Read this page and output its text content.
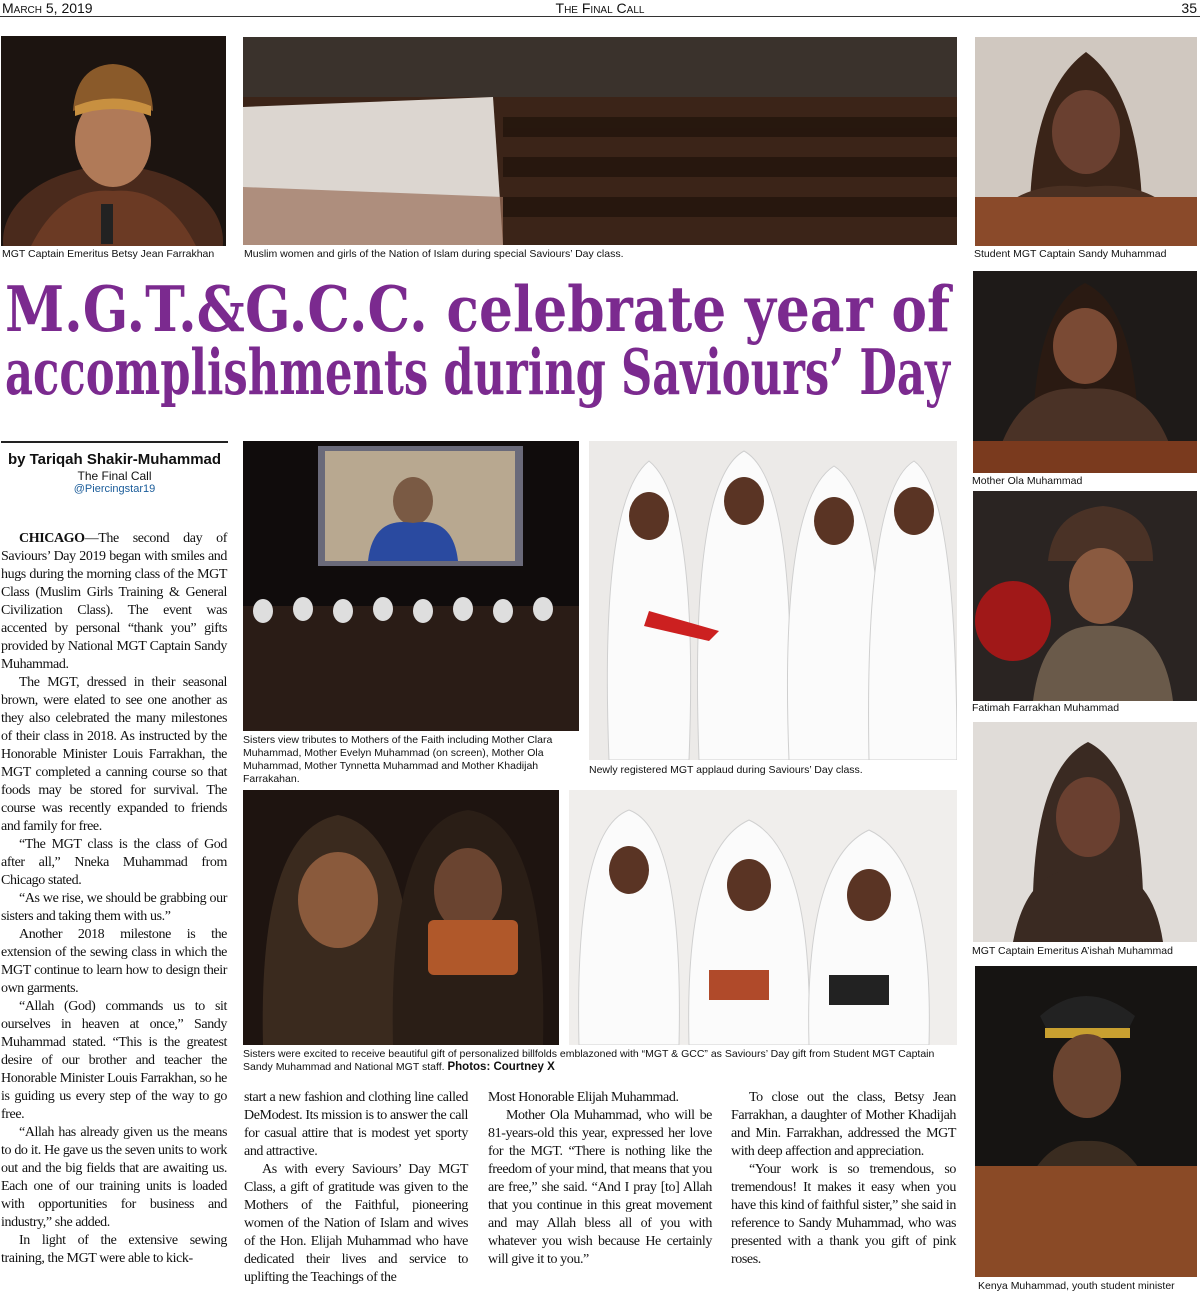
March 5, 2019	The Final Call	35
MGT Captain Emeritus Betsy Jean Farrakhan	Muslim women and girls of the Nation of Islam during special Saviours’ Day class.	Student MGT Captain Sandy Muhammad
Mother Ola Muhammad
Fatimah Farrakhan Muhammad
MGT Captain Emeritus A’ishah Muhammad
Kenya Muhammad, youth student minister
M.G.T.&G.C.C. celebrate year of
accomplishments during Saviours’ Day
by Tariqah Shakir-Muhammad
The Final Call
@Piercingstar19
Sisters view tributes to Mothers of the Faith including Mother Clara Muhammad, Mother Evelyn Muhammad (on screen), Mother Ola Muhammad, Mother Tynnetta Muhammad and Mother Khadijah Farrakahan.
Newly registered MGT applaud during Saviours’ Day class.
Sisters were excited to receive beautiful gift of personalized billfolds emblazoned with “MGT & GCC” as Saviours’ Day gift from Student MGT Captain Sandy Muhammad and National MGT staff. Photos: Courtney X

CHICAGO—The second day of Saviours’ Day 2019 began with smiles and hugs during the morning class of the MGT Class (Muslim Girls Training & General Civilization Class). The event was accented by personal “thank you” gifts provided by National MGT Captain Sandy Muhammad.

The MGT, dressed in their seasonal brown, were elated to see one another as they also celebrated the many milestones of their class in 2018. As instructed by the Honorable Minister Louis Farrakhan, the MGT completed a canning course so that foods may be stored for survival. The course was recently expanded to friends and family for free.

“The MGT class is the class of God after all,” Nneka Muhammad from Chicago stated.

“As we rise, we should be grabbing our sisters and taking them with us.”

Another 2018 milestone is the extension of the sewing class in which the MGT continue to learn how to design their own garments.

“Allah (God) commands us to sit ourselves in heaven at once,” Sandy Muhammad stated. “This is the greatest desire of our brother and teacher the Honorable Minister Louis Farrakhan, so he is guiding us every step of the way to go free.

“Allah has already given us the means to do it. He gave us the seven units to work out and the big fields that are awaiting us. Each one of our training units is loaded with opportunities for business and industry,” she added.

In light of the extensive sewing training, the MGT were able to kick-

start a new fashion and clothing line called DeModest. Its mission is to answer the call for casual attire that is modest yet sporty and attractive.

As with every Saviours’ Day MGT Class, a gift of gratitude was given to the Mothers of the Faithful, pioneering women of the Nation of Islam and wives of the Hon. Elijah Muhammad who have dedicated their lives and service to uplifting the Teachings of the

Most Honorable Elijah Muhammad.

Mother Ola Muhammad, who will be 81-years-old this year, expressed her love for the MGT. “There is nothing like the freedom of your mind, that means that you are free,” she said. “And I pray [to] Allah that you continue in this great movement and may Allah bless all of you with whatever you wish because He certainly will give it to you.”

To close out the class, Betsy Jean Farrakhan, a daughter of Mother Khadijah and Min. Farrakhan, addressed the MGT with deep affection and appreciation.

“Your work is so tremendous, so tremendous! It makes it easy when you have this kind of faithful sister,” she said in reference to Sandy Muhammad, who was presented with a thank you gift of pink roses.
